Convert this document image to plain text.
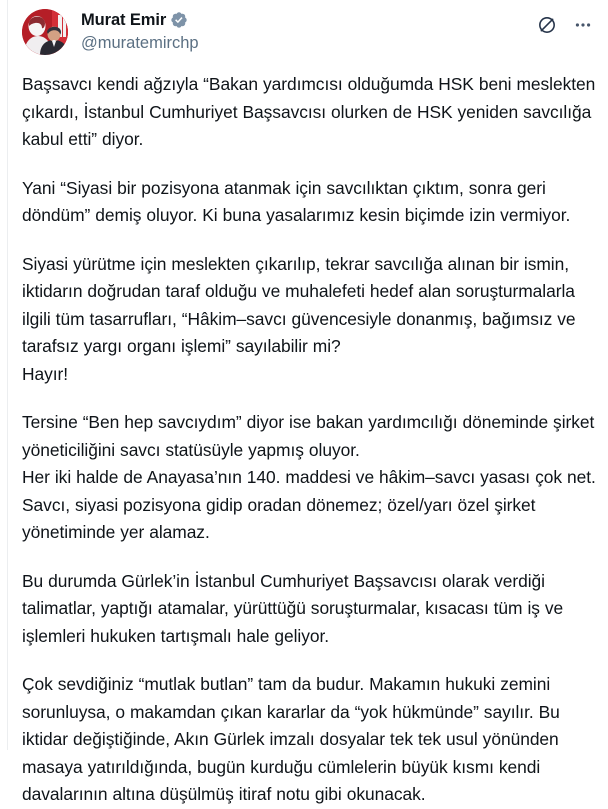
Murat Emir
@muratemirchp

Başsavcı kendi ağzıyla “Bakan yardımcısı olduğumda HSK beni meslekten çıkardı, İstanbul Cumhuriyet Başsavcısı olurken de HSK yeniden savcılığa kabul etti” diyor.

Yani “Siyasi bir pozisyona atanmak için savcılıktan çıktım, sonra geri döndüm” demiş oluyor. Ki buna yasalarımız kesin biçimde izin vermiyor.

Siyasi yürütme için meslekten çıkarılıp, tekrar savcılığa alınan bir ismin, iktidarın doğrudan taraf olduğu ve muhalefeti hedef alan soruşturmalarla ilgili tüm tasarrufları, “Hâkim–savcı güvencesiyle donanmış, bağımsız ve tarafsız yargı organı işlemi” sayılabilir mi?
Hayır!

Tersine “Ben hep savcıydım” diyor ise bakan yardımcılığı döneminde şirket yöneticiliğini savcı statüsüyle yapmış oluyor.
Her iki halde de Anayasa’nın 140. maddesi ve hâkim–savcı yasası çok net. Savcı, siyasi pozisyona gidip oradan dönemez; özel/yarı özel şirket yönetiminde yer alamaz.

Bu durumda Gürlek’in İstanbul Cumhuriyet Başsavcısı olarak verdiği talimatlar, yaptığı atamalar, yürüttüğü soruşturmalar, kısacası tüm iş ve işlemleri hukuken tartışmalı hale geliyor.

Çok sevdiğiniz “mutlak butlan” tam da budur. Makamın hukuki zemini sorunluysa, o makamdan çıkan kararlar da “yok hükmünde” sayılır. Bu iktidar değiştiğinde, Akın Gürlek imzalı dosyalar tek tek usul yönünden masaya yatırıldığında, bugün kurduğu cümlelerin büyük kısmı kendi davalarının altına düşülmüş itiraf notu gibi okunacak.
